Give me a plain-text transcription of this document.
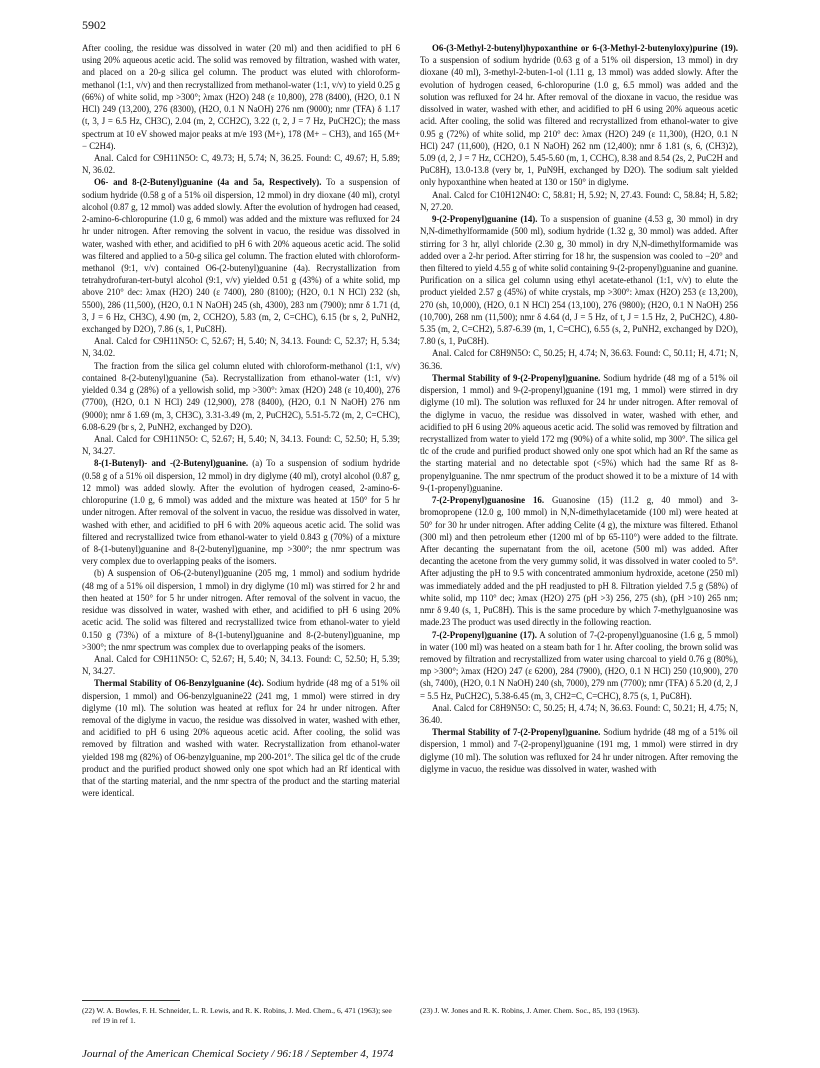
5902

After cooling, the residue was dissolved in water (20 ml) and then acidified to pH 6 using 20% aqueous acetic acid. The solid was removed by filtration, washed with water, and placed on a 20-g silica gel column. The product was eluted with chloroform-methanol (1:1, v/v) and then recrystallized from methanol-water (1:1, v/v) to yield 0.25 g (66%) of white solid, mp >300°; λmax (H2O) 248 (ε 10,800), 278 (8400), (H2O, 0.1 N HCl) 249 (13,200), 276 (8300), (H2O, 0.1 N NaOH) 276 nm (9000); nmr (TFA) δ 1.17 (t, 3, J = 6.5 Hz, CH3C), 2.04 (m, 2, CCH2C), 3.22 (t, 2, J = 7 Hz, PuCH2C); the mass spectrum at 10 eV showed major peaks at m/e 193 (M+), 178 (M+ − CH3), and 165 (M+ − C2H4).

Anal. Calcd for C9H11N5O: C, 49.73; H, 5.74; N, 36.25. Found: C, 49.67; H, 5.89; N, 36.02.

O6- and 8-(2-Butenyl)guanine (4a and 5a, Respectively). To a suspension of sodium hydride (0.58 g of a 51% oil dispersion, 12 mmol) in dry dioxane (40 ml), crotyl alcohol (0.87 g, 12 mmol) was added slowly. After the evolution of hydrogen had ceased, 2-amino-6-chloropurine (1.0 g, 6 mmol) was added and the mixture was refluxed for 24 hr under nitrogen. After removing the solvent in vacuo, the residue was dissolved in water, washed with ether, and acidified to pH 6 with 20% aqueous acetic acid. The solid was filtered and applied to a 50-g silica gel column. The fraction eluted with chloroform-methanol (9:1, v/v) contained O6-(2-butenyl)guanine (4a). Recrystallization from tetrahydrofuran-tert-butyl alcohol (9:1, v/v) yielded 0.51 g (43%) of a white solid, mp above 210° dec: λmax (H2O) 240 (ε 7400), 280 (8100); (H2O, 0.1 N HCl) 232 (sh, 5500), 286 (11,500), (H2O, 0.1 N NaOH) 245 (sh, 4300), 283 nm (7900); nmr δ 1.71 (d, 3, J = 6 Hz, CH3C), 4.90 (m, 2, CCH2O), 5.83 (m, 2, C=CHC), 6.15 (br s, 2, PuNH2, exchanged by D2O), 7.86 (s, 1, PuC8H).

Anal. Calcd for C9H11N5O: C, 52.67; H, 5.40; N, 34.13. Found: C, 52.37; H, 5.34; N, 34.02.

The fraction from the silica gel column eluted with chloroform-methanol (1:1, v/v) contained 8-(2-butenyl)guanine (5a). Recrystallization from ethanol-water (1:1, v/v) yielded 0.34 g (28%) of a yellowish solid, mp >300°: λmax (H2O) 248 (ε 10,400), 276 (7700), (H2O, 0.1 N HCl) 249 (12,900), 278 (8400), (H2O, 0.1 N NaOH) 276 nm (9000); nmr δ 1.69 (m, 3, CH3C), 3.31-3.49 (m, 2, PuCH2C), 5.51-5.72 (m, 2, C=CHC), 6.08-6.29 (br s, 2, PuNH2, exchanged by D2O).

Anal. Calcd for C9H11N5O: C, 52.67; H, 5.40; N, 34.13. Found: C, 52.50; H, 5.39; N, 34.27.

8-(1-Butenyl)- and -(2-Butenyl)guanine. (a) To a suspension of sodium hydride (0.58 g of a 51% oil dispersion, 12 mmol) in dry diglyme (40 ml), crotyl alcohol (0.87 g, 12 mmol) was added slowly. After the evolution of hydrogen ceased, 2-amino-6-chloropurine (1.0 g, 6 mmol) was added and the mixture was heated at 150° for 5 hr under nitrogen. After removal of the solvent in vacuo, the residue was dissolved in water, washed with ether, and acidified to pH 6 with 20% aqueous acetic acid. The solid was filtered and recrystallized twice from ethanol-water to yield 0.843 g (70%) of a mixture of 8-(1-butenyl)guanine and 8-(2-butenyl)guanine, mp >300°; the nmr spectrum was very complex due to overlapping peaks of the isomers.

(b) A suspension of O6-(2-butenyl)guanine (205 mg, 1 mmol) and sodium hydride (48 mg of a 51% oil dispersion, 1 mmol) in dry diglyme (10 ml) was stirred for 2 hr and then heated at 150° for 5 hr under nitrogen. After removal of the solvent in vacuo, the residue was dissolved in water, washed with ether, and acidified to pH 6 using 20% acetic acid. The solid was filtered and recrystallized twice from ethanol-water to yield 0.150 g (73%) of a mixture of 8-(1-butenyl)guanine and 8-(2-butenyl)guanine, mp >300°; the nmr spectrum was complex due to overlapping peaks of the isomers.

Anal. Calcd for C9H11N5O: C, 52.67; H, 5.40; N, 34.13. Found: C, 52.50; H, 5.39; N, 34.27.

Thermal Stability of O6-Benzylguanine (4c). Sodium hydride (48 mg of a 51% oil dispersion, 1 mmol) and O6-benzylguanine22 (241 mg, 1 mmol) were stirred in dry diglyme (10 ml). The solution was heated at reflux for 24 hr under nitrogen. After removal of the diglyme in vacuo, the residue was dissolved in water, washed with ether, and acidified to pH 6 using 20% aqueous acetic acid. After cooling, the solid was removed by filtration and washed with water. Recrystallization from ethanol-water yielded 198 mg (82%) of O6-benzylguanine, mp 200-201°. The silica gel tlc of the crude product and the purified product showed only one spot which had an Rf identical with that of the starting material, and the nmr spectra of the product and the starting material were identical.

O6-(3-Methyl-2-butenyl)hypoxanthine or 6-(3-Methyl-2-butenyloxy)purine (19). To a suspension of sodium hydride (0.63 g of a 51% oil dispersion, 13 mmol) in dry dioxane (40 ml), 3-methyl-2-buten-1-ol (1.11 g, 13 mmol) was added slowly. After the evolution of hydrogen ceased, 6-chloropurine (1.0 g, 6.5 mmol) was added and the solution was refluxed for 24 hr. After removal of the dioxane in vacuo, the residue was dissolved in water, washed with ether, and acidified to pH 6 using 20% aqueous acetic acid. After cooling, the solid was filtered and recrystallized from ethanol-water to give 0.95 g (72%) of white solid, mp 210° dec: λmax (H2O) 249 (ε 11,300), (H2O, 0.1 N HCl) 247 (11,600), (H2O, 0.1 N NaOH) 262 nm (12,400); nmr δ 1.81 (s, 6, (CH3)2), 5.09 (d, 2, J = 7 Hz, CCH2O), 5.45-5.60 (m, 1, CCHC), 8.38 and 8.54 (2s, 2, PuC2H and PuC8H), 13.0-13.8 (very br, 1, PuN9H, exchanged by D2O). The sodium salt yielded only hypoxanthine when heated at 130 or 150° in diglyme.

Anal. Calcd for C10H12N4O: C, 58.81; H, 5.92; N, 27.43. Found: C, 58.84; H, 5.82; N, 27.20.

9-(2-Propenyl)guanine (14). To a suspension of guanine (4.53 g, 30 mmol) in dry N,N-dimethylformamide (500 ml), sodium hydride (1.32 g, 30 mmol) was added. After stirring for 3 hr, allyl chloride (2.30 g, 30 mmol) in dry N,N-dimethylformamide was added over a 2-hr period. After stirring for 18 hr, the suspension was cooled to −20° and then filtered to yield 4.55 g of white solid containing 9-(2-propenyl)guanine and guanine. Purification on a silica gel column using ethyl acetate-ethanol (1:1, v/v) to elute the product yielded 2.57 g (45%) of white crystals, mp >300°: λmax (H2O) 253 (ε 13,200), 270 (sh, 10,000), (H2O, 0.1 N HCl) 254 (13,100), 276 (9800); (H2O, 0.1 N NaOH) 256 (10,700), 268 nm (11,500); nmr δ 4.64 (d, J = 5 Hz, of t, J = 1.5 Hz, 2, PuCH2C), 4.80-5.35 (m, 2, C=CH2), 5.87-6.39 (m, 1, C=CHC), 6.55 (s, 2, PuNH2, exchanged by D2O), 7.80 (s, 1, PuC8H).

Anal. Calcd for C8H9N5O: C, 50.25; H, 4.74; N, 36.63. Found: C, 50.11; H, 4.71; N, 36.36.

Thermal Stability of 9-(2-Propenyl)guanine. Sodium hydride (48 mg of a 51% oil dispersion, 1 mmol) and 9-(2-propenyl)guanine (191 mg, 1 mmol) were stirred in dry diglyme (10 ml). The solution was refluxed for 24 hr under nitrogen. After removal of the diglyme in vacuo, the residue was dissolved in water, washed with ether, and acidified to pH 6 using 20% aqueous acetic acid. The solid was removed by filtration and recrystallized from water to yield 172 mg (90%) of a white solid, mp 300°. The silica gel tlc of the crude and purified product showed only one spot which had an Rf the same as the starting material and no detectable spot (<5%) which had the same Rf as 8-propenylguanine. The nmr spectrum of the product showed it to be a mixture of 14 with 9-(1-propenyl)guanine.

7-(2-Propenyl)guanosine 16. Guanosine (15) (11.2 g, 40 mmol) and 3-bromopropene (12.0 g, 100 mmol) in N,N-dimethylacetamide (100 ml) were heated at 50° for 30 hr under nitrogen. After adding Celite (4 g), the mixture was filtered. Ethanol (300 ml) and then petroleum ether (1200 ml of bp 65-110°) were added to the filtrate. After decanting the supernatant from the oil, acetone (500 ml) was added. After decanting the acetone from the very gummy solid, it was dissolved in water cooled to 5°. After adjusting the pH to 9.5 with concentrated ammonium hydroxide, acetone (250 ml) was immediately added and the pH readjusted to pH 8. Filtration yielded 7.5 g (58%) of white solid, mp 110° dec; λmax (H2O) 275 (pH >3) 256, 275 (sh), (pH >10) 265 nm; nmr δ 9.40 (s, 1, PuC8H). This is the same procedure by which 7-methylguanosine was made.23 The product was used directly in the following reaction.

7-(2-Propenyl)guanine (17). A solution of 7-(2-propenyl)guanosine (1.6 g, 5 mmol) in water (100 ml) was heated on a steam bath for 1 hr. After cooling, the brown solid was removed by filtration and recrystallized from water using charcoal to yield 0.76 g (80%), mp >300°; λmax (H2O) 247 (ε 6200), 284 (7900), (H2O, 0.1 N HCl) 250 (10,900), 270 (sh, 7400), (H2O, 0.1 N NaOH) 240 (sh, 7000), 279 nm (7700); nmr (TFA) δ 5.20 (d, 2, J = 5.5 Hz, PuCH2C), 5.38-6.45 (m, 3, CH2=C, C=CHC), 8.75 (s, 1, PuC8H).

Anal. Calcd for C8H9N5O: C, 50.25; H, 4.74; N, 36.63. Found: C, 50.21; H, 4.75; N, 36.40.

Thermal Stability of 7-(2-Propenyl)guanine. Sodium hydride (48 mg of a 51% oil dispersion, 1 mmol) and 7-(2-propenyl)guanine (191 mg, 1 mmol) were stirred in dry diglyme (10 ml). The solution was refluxed for 24 hr under nitrogen. After removing the diglyme in vacuo, the residue was dissolved in water, washed with

(22) W. A. Bowles, F. H. Schneider, L. R. Lewis, and R. K. Robins, J. Med. Chem., 6, 471 (1963); see ref 19 in ref 1.
(23) J. W. Jones and R. K. Robins, J. Amer. Chem. Soc., 85, 193 (1963).
Journal of the American Chemical Society / 96:18 / September 4, 1974
